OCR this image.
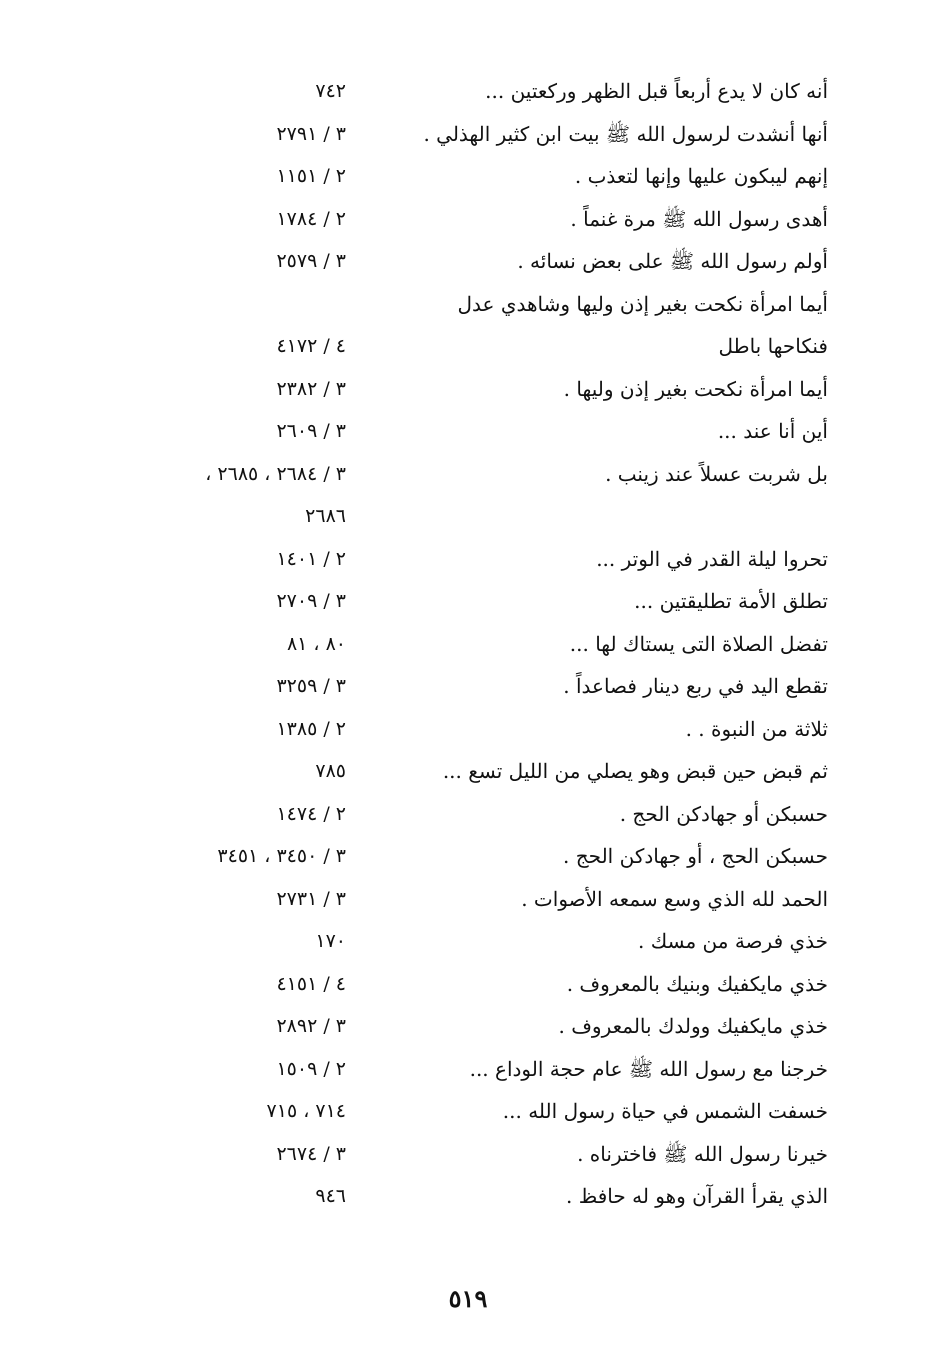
أنه كان لا يدع أربعاً قبل الظهر وركعتين ...
٧٤٢
أنها أنشدت لرسول الله ﷺ بيت ابن كثير الهذلي .
٣ / ٢٧٩١
إنهم ليبكون عليها وإنها لتعذب .
٢ / ١١٥١
أهدى رسول الله ﷺ مرة غنماً .
٢ / ١٧٨٤
أولم رسول الله ﷺ على بعض نسائه .
٣ / ٢٥٧٩
أيما امرأة نكحت بغير إذن وليها وشاهدي عدل
فنكاحها باطل
٤ / ٤١٧٢
أيما امرأة نكحت بغير إذن وليها .
٣ / ٢٣٨٢
أين أنا عند ...
٣ / ٢٦٠٩
بل شربت عسلاً عند زينب .
٣ / ٢٦٨٤ ، ٢٦٨٥ ،
٢٦٨٦
تحروا ليلة القدر في الوتر ...
٢ / ١٤٠١
تطلق الأمة تطليقتين ...
٣ / ٢٧٠٩
تفضل الصلاة التى يستاك لها ...
٨٠ ، ٨١
تقطع اليد في ربع دينار فصاعداً .
٣ / ٣٢٥٩
ثلاثة من النبوة . .
٢ / ١٣٨٥
ثم قبض حين قبض وهو يصلي من الليل تسع ...
٧٨٥
حسبكن أو جهادكن الحج .
٢ / ١٤٧٤
حسبكن الحج ، أو جهادكن الحج .
٣ / ٣٤٥٠ ، ٣٤٥١
الحمد لله الذي وسع سمعه الأصوات .
٣ / ٢٧٣١
خذي فرصة من مسك .
١٧٠
خذي مايكفيك وبنيك بالمعروف .
٤ / ٤١٥١
خذي مايكفيك وولدك بالمعروف .
٣ / ٢٨٩٢
خرجنا مع رسول الله ﷺ عام حجة الوداع ...
٢ / ١٥٠٩
خسفت الشمس في حياة رسول الله ...
٧١٤ ، ٧١٥
خيرنا رسول الله ﷺ فاخترناه .
٣ / ٢٦٧٤
الذي يقرأ القرآن وهو له حافظ .
٩٤٦
٥١٩
